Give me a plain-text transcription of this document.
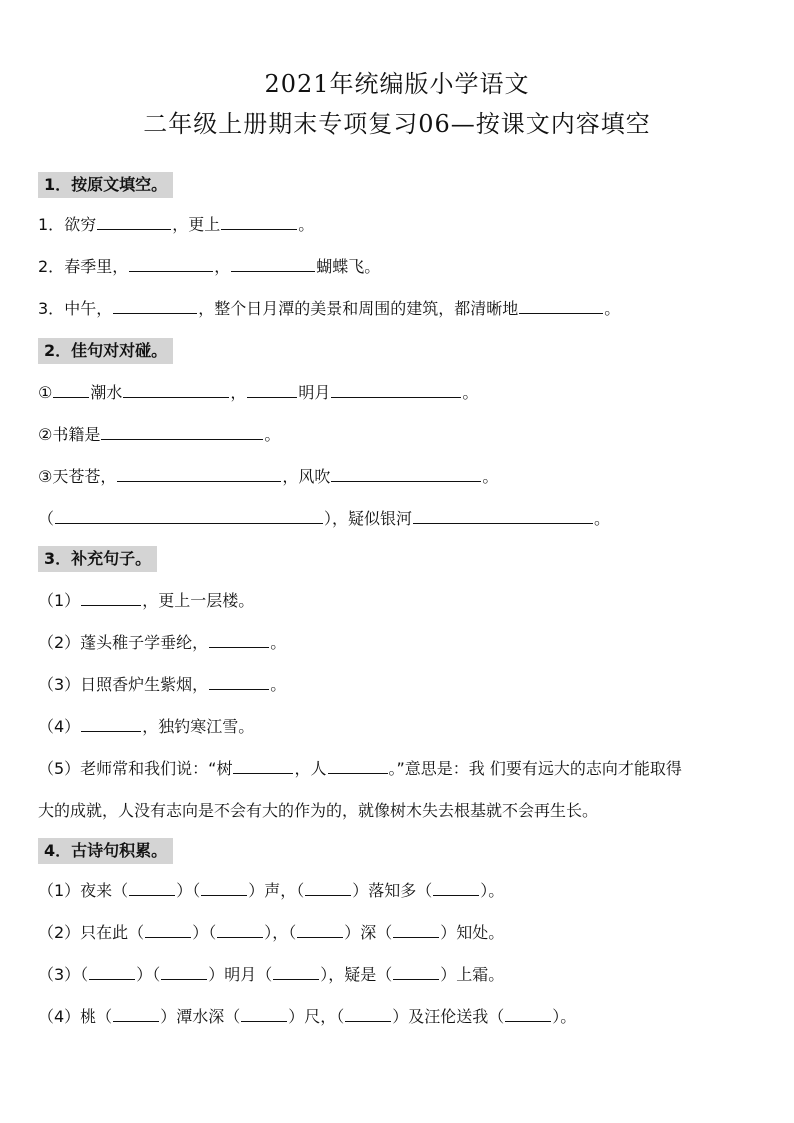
2021年统编版小学语文
二年级上册期末专项复习06—按课文内容填空
1．按原文填空。
1．欲穷	，更上	。
2．春季里，	，	蝴蝶飞。
3．中午，	，整个日月潭的美景和周围的建筑，都清晰地	。
2．佳句对对碰。
① 潮水	，	明月	。
②书籍是	。
③天苍苍，	，风吹	。
（	），疑似银河	。
3．补充句子。
（1）	，更上一层楼。
（2）蓬头稚子学垂纶，	。
（3）日照香炉生紫烟，	。
（4）	，独钓寒江雪。
（5）老师常和我们说：“树	，人	。”意思是：我 们要有远大的志向才能取得
大的成就，人没有志向是不会有大的作为的，就像树木失去根基就不会再生长。
4．古诗句积累。
（1）夜来（	）（	）声，（	）落知多（	）。
（2）只在此（	）（	），（	）深（	）知处。
（3）（	）（	）明月（	），疑是（	）上霜。
（4）桃（	）潭水深（	）尺，（	）及汪伦送我（	）。
